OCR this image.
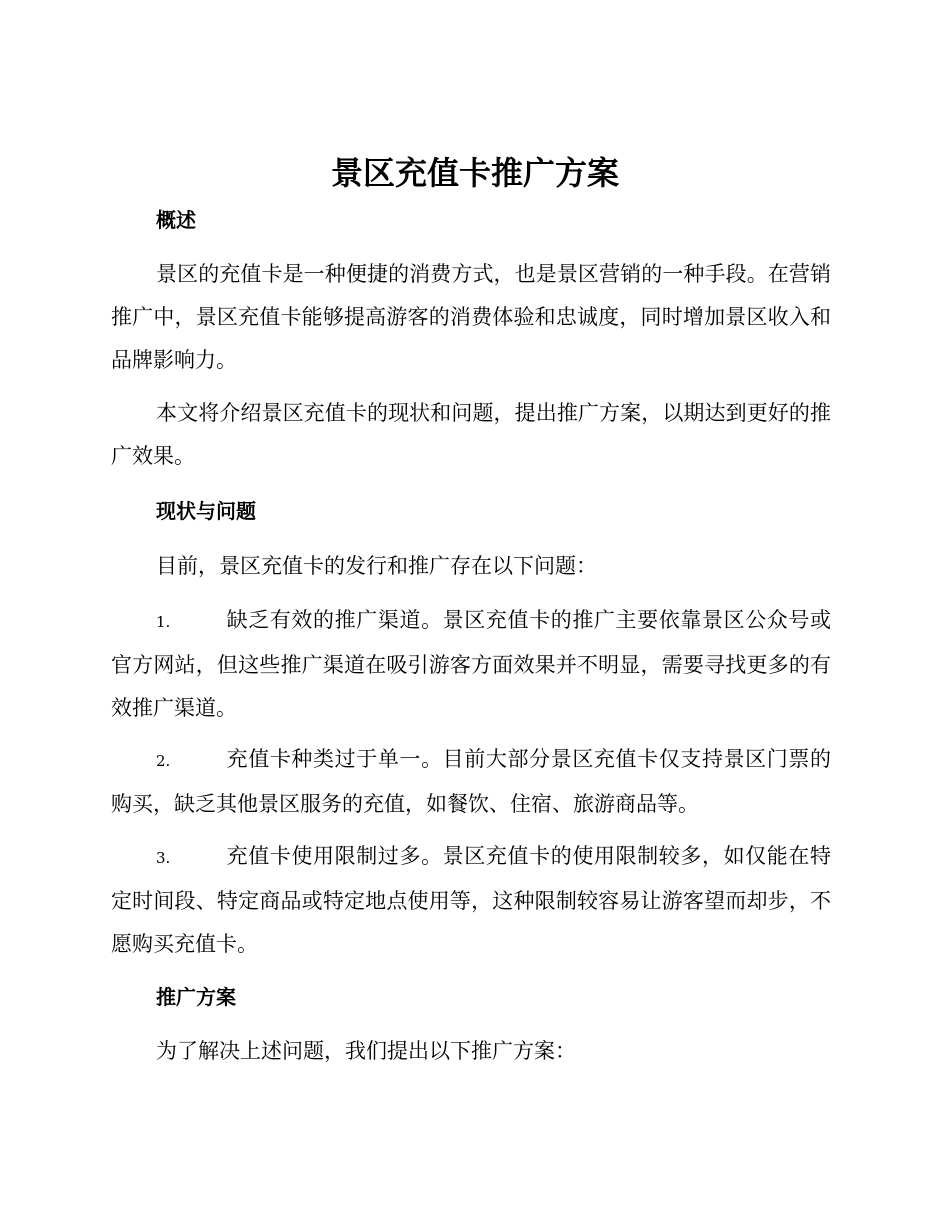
景区充值卡推广方案
概述

景区的充值卡是一种便捷的消费方式，也是景区营销的一种手段。在营销推广中，景区充值卡能够提高游客的消费体验和忠诚度，同时增加景区收入和品牌影响力。

本文将介绍景区充值卡的现状和问题，提出推广方案，以期达到更好的推广效果。

现状与问题

目前，景区充值卡的发行和推广存在以下问题：

1.	缺乏有效的推广渠道。景区充值卡的推广主要依靠景区公众号或官方网站，但这些推广渠道在吸引游客方面效果并不明显，需要寻找更多的有效推广渠道。

2.	充值卡种类过于单一。目前大部分景区充值卡仅支持景区门票的购买，缺乏其他景区服务的充值，如餐饮、住宿、旅游商品等。

3.	充值卡使用限制过多。景区充值卡的使用限制较多，如仅能在特定时间段、特定商品或特定地点使用等，这种限制较容易让游客望而却步，不愿购买充值卡。

推广方案

为了解决上述问题，我们提出以下推广方案：
